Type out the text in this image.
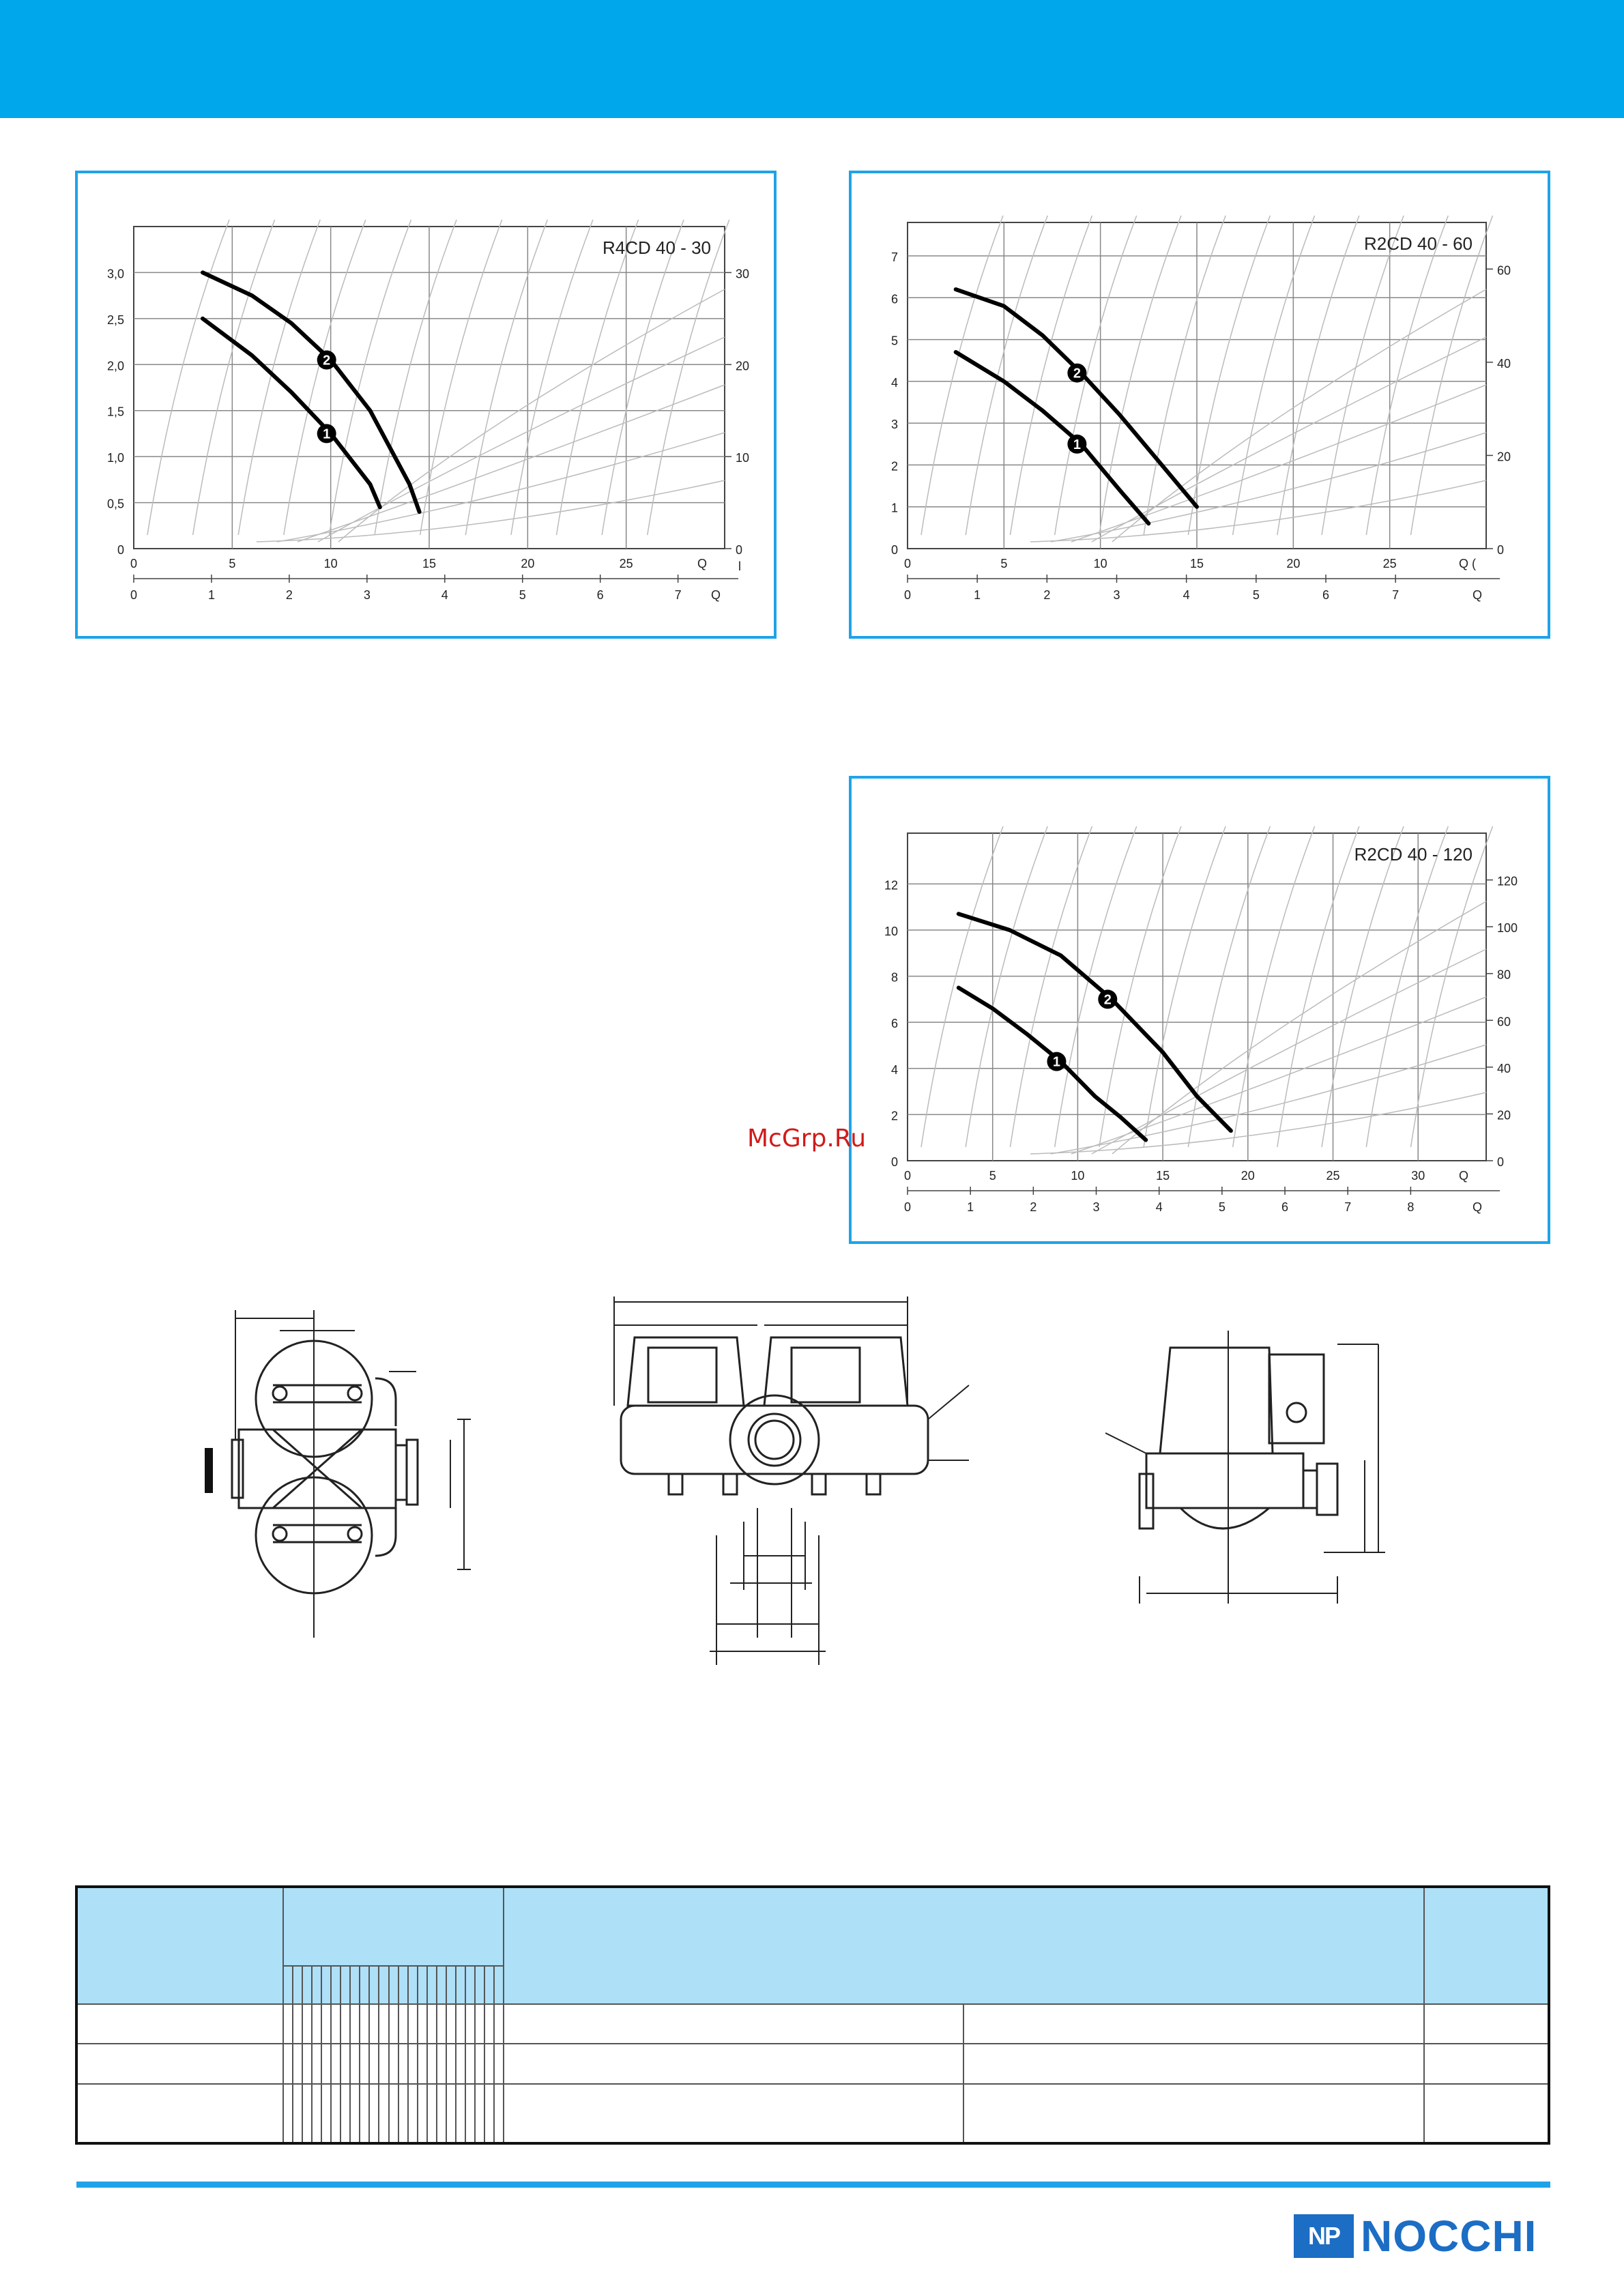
R4CD 40 - 30
3,0
2,5
2,0
1,5
1,0
0,5
0
30
20
10
0
l
0	5	10	15	20	25	Q
0	1	2	3	4	5	6	7 Q
1
2
R2CD 40 - 60
7
6
5
4
3
2
1
0
60
40
20
0
0	5	10	15	20	25	Q (
0	1	2	3	4	5	6	7	Q
1
2
R2CD 40 - 120
12
10
8
6
4
2
0
120
100
80
60
40
20
0
0	5	10	15	20	25	30	Q
0	1	2	3	4	5	6	7	8	Q
1
2
McGrp.Ru

NP NOCCHI
